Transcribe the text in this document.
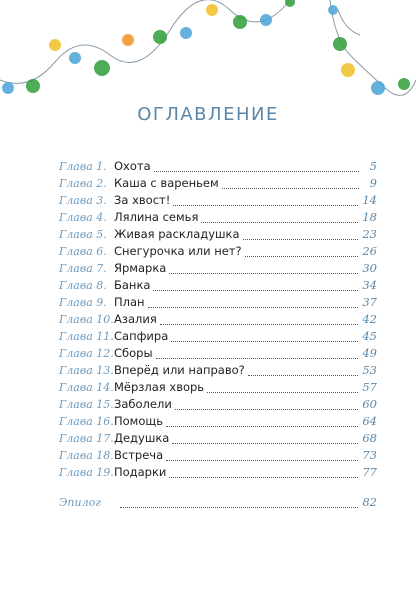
ОГЛАВЛЕНИЕ
Глава 1. Охота	5
Глава 2. Каша с вареньем	9
Глава 3. За хвост!	14
Глава 4. Лялина семья	18
Глава 5. Живая раскладушка	23
Глава 6. Снегурочка или нет?	26
Глава 7. Ярмарка	30
Глава 8. Банка	34
Глава 9. План	37
Глава 10. Азалия	42
Глава 11. Сапфира	45
Глава 12. Сборы	49
Глава 13. Вперёд или направо?	53
Глава 14. Мёрзлая хворь	57
Глава 15. Заболели	60
Глава 16. Помощь	64
Глава 17. Дедушка	68
Глава 18. Встреча	73
Глава 19. Подарки	77
Эпилог	82
